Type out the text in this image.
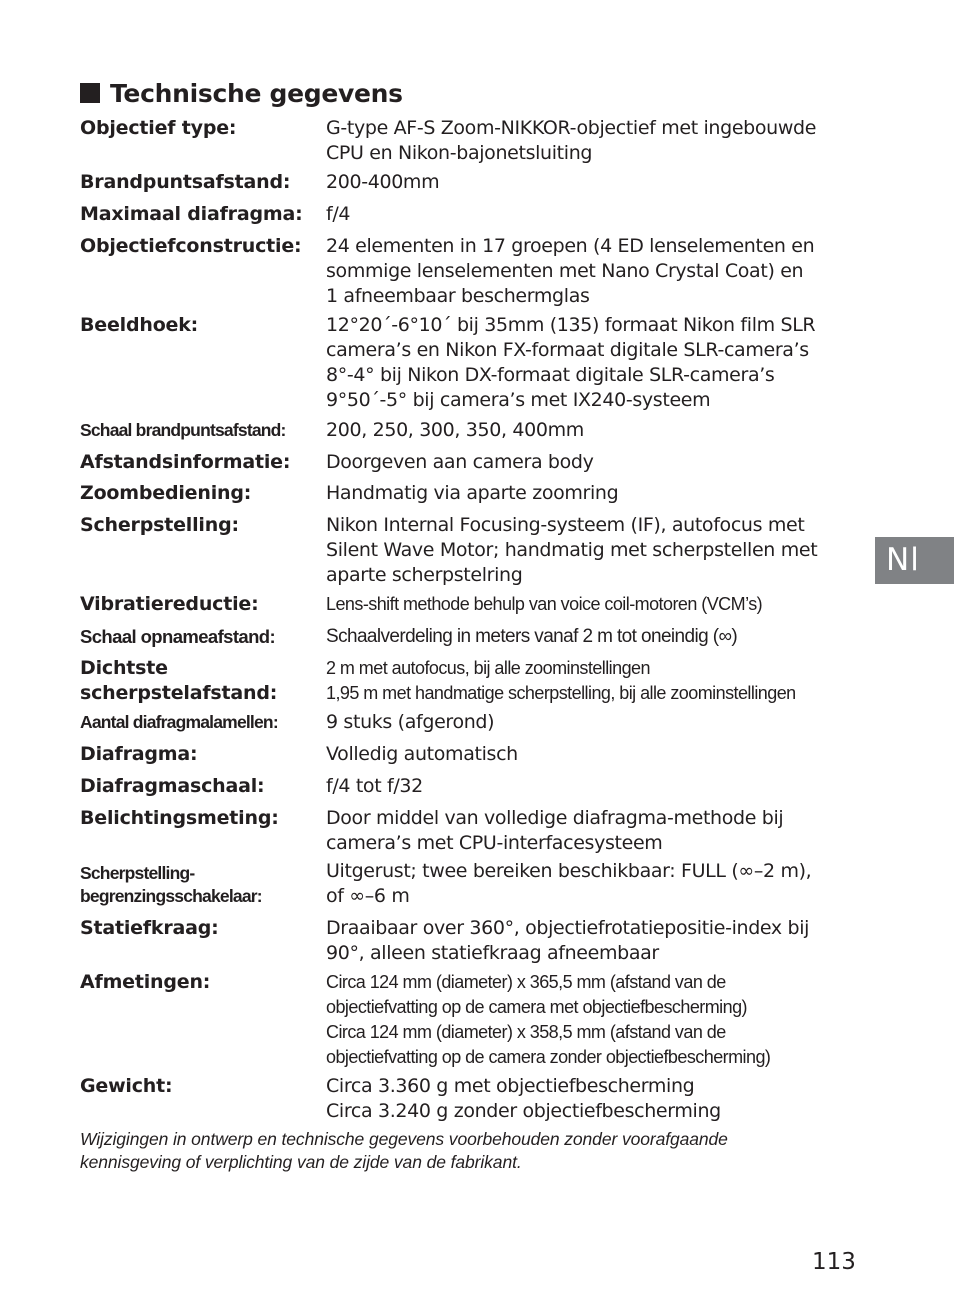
Technische gegevens
Objectief type:	G-type AF-S Zoom-NIKKOR-objectief met ingebouwde
CPU en Nikon-bajonetsluiting
Brandpuntsafstand:	200-400mm
Maximaal diafragma:	f/4
Objectiefconstructie:	24 elementen in 17 groepen (4 ED lenselementen en
sommige lenselementen met Nano Crystal Coat) en
1 afneembaar beschermglas
Beeldhoek:	12°20´-6°10´ bij 35mm (135) formaat Nikon film SLR
camera’s en Nikon FX-formaat digitale SLR-camera’s
8°-4° bij Nikon DX-formaat digitale SLR-camera’s
9°50´-5° bij camera’s met IX240-systeem
Schaal brandpuntsafstand:	200, 250, 300, 350, 400mm
Afstandsinformatie:	Doorgeven aan camera body
Zoombediening:	Handmatig via aparte zoomring
Scherpstelling:	Nikon Internal Focusing-systeem (IF), autofocus met
Silent Wave Motor; handmatig met scherpstellen met
aparte scherpstelring
Vibratiereductie:	Lens-shift methode behulp van voice coil-motoren (VCM’s)
Schaal opnameafstand:	Schaalverdeling in meters vanaf 2 m tot oneindig (∞)
Dichtste
scherpstelafstand:
2 m met autofocus, bij alle zoominstellingen
1,95 m met handmatige scherpstelling, bij alle zoominstellingen
Aantal diafragmalamellen:	9 stuks (afgerond)
Diafragma:	Volledig automatisch
Diafragmaschaal:	f/4 tot f/32
Belichtingsmeting:	Door middel van volledige diafragma-methode bij
camera’s met CPU-interfacesysteem
Scherpstelling-
begrenzingsschakelaar:
Uitgerust; twee bereiken beschikbaar: FULL (∞–2 m),
of ∞–6 m
Statiefkraag:	Draaibaar over 360°, objectiefrotatiepositie-index bij
90°, alleen statiefkraag afneembaar
Afmetingen:	Circa 124 mm (diameter) x 365,5 mm (afstand van de
objectiefvatting op de camera met objectiefbescherming)
Circa 124 mm (diameter) x 358,5 mm (afstand van de
objectiefvatting op de camera zonder objectiefbescherming)
Gewicht:	Circa 3.360 g met objectiefbescherming
Circa 3.240 g zonder objectiefbescherming
Wijzigingen in ontwerp en technische gegevens voorbehouden zonder voorafgaande
kennisgeving of verplichting van de zijde van de fabrikant.
Nl
113
